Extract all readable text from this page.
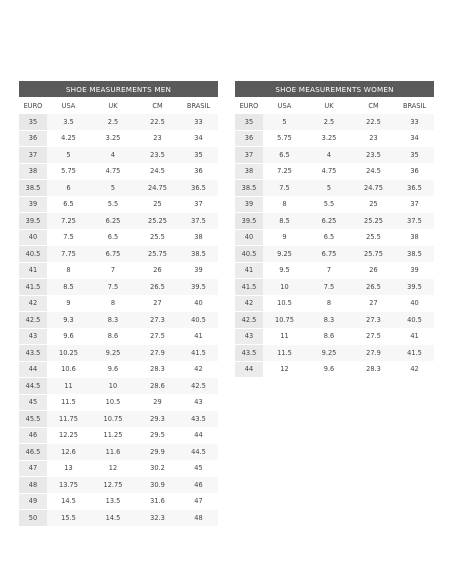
SHOE MEASUREMENTS MEN				
EURO	USA	UK	CM	BRASIL
35	3.5	2.5	22.5	33
36	4.25	3.25	23	34
37	5	4	23.5	35
38	5.75	4.75	24.5	36
38.5	6	5	24.75	36.5
39	6.5	5.5	25	37
39.5	7.25	6.25	25.25	37.5
40	7.5	6.5	25.5	38
40.5	7.75	6.75	25.75	38.5
41	8	7	26	39
41.5	8.5	7.5	26.5	39.5
42	9	8	27	40
42.5	9.3	8.3	27.3	40.5
43	9.6	8.6	27.5	41
43.5	10.25	9.25	27.9	41.5
44	10.6	9.6	28.3	42
44.5	11	10	28.6	42.5
45	11.5	10.5	29	43
45.5	11.75	10.75	29.3	43.5
46	12.25	11.25	29.5	44
46.5	12.6	11.6	29.9	44.5
47	13	12	30.2	45
48	13.75	12.75	30.9	46
49	14.5	13.5	31.6	47
50	15.5	14.5	32.3	48
SHOE MEASUREMENTS WOMEN				
EURO	USA	UK	CM	BRASIL
35	5	2.5	22.5	33
36	5.75	3.25	23	34
37	6.5	4	23.5	35
38	7.25	4.75	24.5	36
38.5	7.5	5	24.75	36.5
39	8	5.5	25	37
39.5	8.5	6.25	25.25	37.5
40	9	6.5	25.5	38
40.5	9.25	6.75	25.75	38.5
41	9.5	7	26	39
41.5	10	7.5	26.5	39.5
42	10.5	8	27	40
42.5	10.75	8.3	27.3	40.5
43	11	8.6	27.5	41
43.5	11.5	9.25	27.9	41.5
44	12	9.6	28.3	42
